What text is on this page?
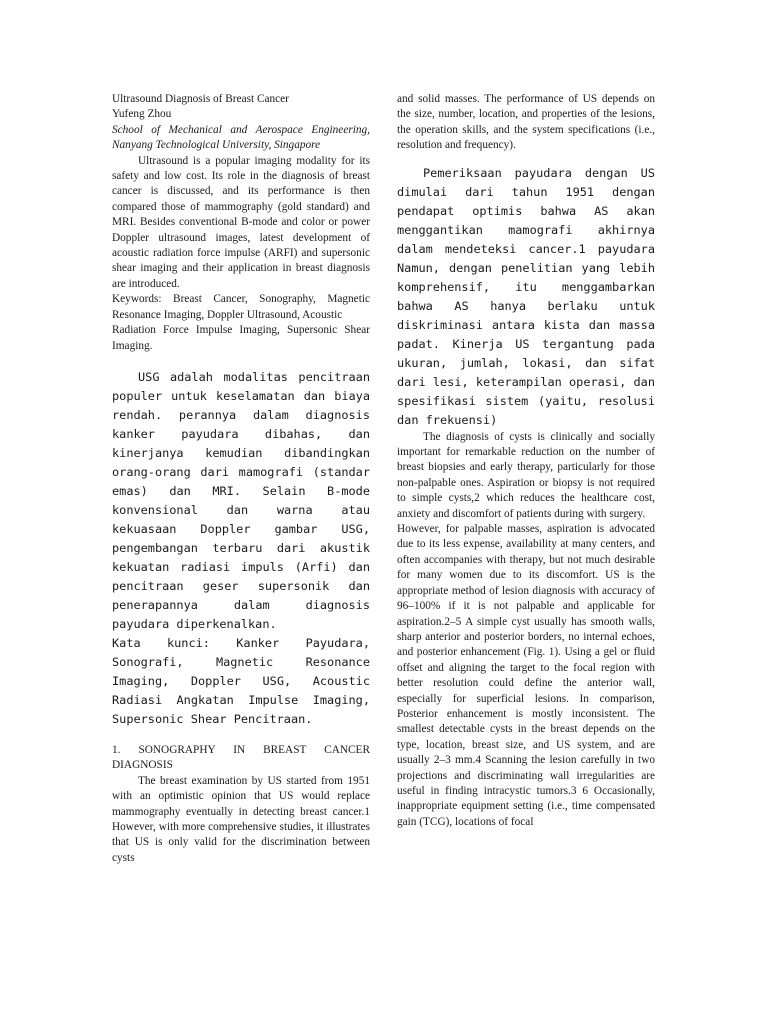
Ultrasound Diagnosis of Breast Cancer

Yufeng Zhou

School of Mechanical and Aerospace Engineering, Nanyang Technological University, Singapore

Ultrasound is a popular imaging modality for its safety and low cost. Its role in the diagnosis of breast cancer is discussed, and its performance is then compared those of mammography (gold standard) and MRI. Besides conventional B-mode and color or power Doppler ultrasound images, latest development of acoustic radiation force impulse (ARFI) and supersonic shear imaging and their application in breast diagnosis are introduced.

Keywords: Breast Cancer, Sonography, Magnetic Resonance Imaging, Doppler Ultrasound, Acoustic

Radiation Force Impulse Imaging, Supersonic Shear Imaging.

USG adalah modalitas pencitraan populer untuk keselamatan dan biaya rendah. perannya dalam diagnosis kanker payudara dibahas, dan kinerjanya kemudian dibandingkan orang-orang dari mamografi (standar emas) dan MRI. Selain B-mode konvensional dan warna atau kekuasaan Doppler gambar USG, pengembangan terbaru dari akustik kekuatan radiasi impuls (Arfi) dan pencitraan geser supersonik dan penerapannya dalam diagnosis payudara diperkenalkan.

Kata kunci: Kanker Payudara, Sonografi, Magnetic Resonance Imaging, Doppler USG, Acoustic Radiasi Angkatan Impulse Imaging, Supersonic Shear Pencitraan.

1. SONOGRAPHY IN BREAST CANCER DIAGNOSIS

The breast examination by US started from 1951 with an optimistic opinion that US would replace mammography eventually in detecting breast cancer.1 However, with more comprehensive studies, it illustrates that US is only valid for the discrimination between cysts

and solid masses. The performance of US depends on the size, number, location, and properties of the lesions, the operation skills, and the system specifications (i.e., resolution and frequency).

Pemeriksaan payudara dengan US dimulai dari tahun 1951 dengan pendapat optimis bahwa AS akan menggantikan mamografi akhirnya dalam mendeteksi cancer.1 payudara Namun, dengan penelitian yang lebih komprehensif, itu menggambarkan bahwa AS hanya berlaku untuk diskriminasi antara kista dan massa padat. Kinerja US tergantung pada ukuran, jumlah, lokasi, dan sifat dari lesi, keterampilan operasi, dan spesifikasi sistem (yaitu, resolusi dan frekuensi)

The diagnosis of cysts is clinically and socially important for remarkable reduction on the number of breast biopsies and early therapy, particularly for those non-palpable ones. Aspiration or biopsy is not required to simple cysts,2 which reduces the healthcare cost, anxiety and discomfort of patients during with surgery.

However, for palpable masses, aspiration is advocated due to its less expense, availability at many centers, and often accompanies with therapy, but not much desirable for many women due to its discomfort. US is the appropriate method of lesion diagnosis with accuracy of 96–100% if it is not palpable and applicable for aspiration.2–5 A simple cyst usually has smooth walls, sharp anterior and posterior borders, no internal echoes, and posterior enhancement (Fig. 1). Using a gel or fluid offset and aligning the target to the focal region with better resolution could define the anterior wall, especially for superficial lesions. In comparison, Posterior enhancement is mostly inconsistent. The smallest detectable cysts in the breast depends on the type, location, breast size, and US system, and are usually 2–3 mm.4 Scanning the lesion carefully in two projections and discriminating wall irregularities are useful in finding intracystic tumors.3 6 Occasionally, inappropriate equipment setting (i.e., time compensated gain (TCG), locations of focal
